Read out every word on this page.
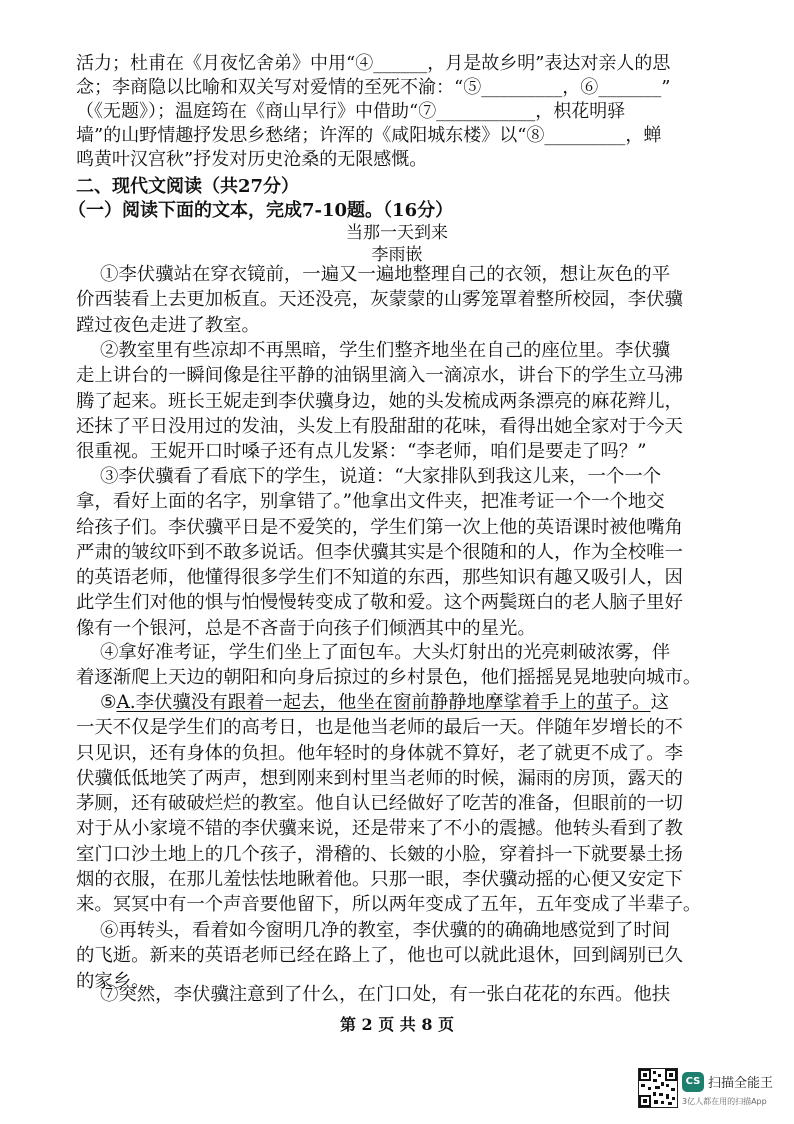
活力；杜甫在《月夜忆舍弟》中用“④______，月是故乡明”表达对亲人的思
念；李商隐以比喻和双关写对爱情的至死不渝：“⑤_________，⑥_______”
（《无题》）；温庭筠在《商山早行》中借助“⑦___________，枳花明驿
墙”的山野情趣抒发思乡愁绪；许浑的《咸阳城东楼》以“⑧_________，蝉
鸣黄叶汉宫秋”抒发对历史沧桑的无限感慨。
二、现代文阅读（共27分）
（一）阅读下面的文本，完成7-10题。（16分）
当那一天到来
李雨嵌
①李伏骥站在穿衣镜前，一遍又一遍地整理自己的衣领，想让灰色的平
价西装看上去更加板直。天还没亮，灰蒙蒙的山雾笼罩着整所校园，李伏骥
蹚过夜色走进了教室。
②教室里有些凉却不再黑暗，学生们整齐地坐在自己的座位里。李伏骥
走上讲台的一瞬间像是往平静的油锅里滴入一滴凉水，讲台下的学生立马沸
腾了起来。班长王妮走到李伏骥身边，她的头发梳成两条漂亮的麻花辫儿，
还抹了平日没用过的发油，头发上有股甜甜的花味，看得出她全家对于今天
很重视。王妮开口时嗓子还有点儿发紧：“李老师，咱们是要走了吗？”
③李伏骥看了看底下的学生，说道：“大家排队到我这儿来，一个一个
拿，看好上面的名字，别拿错了。”他拿出文件夹，把准考证一个一个地交
给孩子们。李伏骥平日是不爱笑的，学生们第一次上他的英语课时被他嘴角
严肃的皱纹吓到不敢多说话。但李伏骥其实是个很随和的人，作为全校唯一
的英语老师，他懂得很多学生们不知道的东西，那些知识有趣又吸引人，因
此学生们对他的惧与怕慢慢转变成了敬和爱。这个两鬓斑白的老人脑子里好
像有一个银河，总是不吝啬于向孩子们倾洒其中的星光。
④拿好准考证，学生们坐上了面包车。大头灯射出的光亮刺破浓雾，伴
着逐渐爬上天边的朝阳和向身后掠过的乡村景色，他们摇摇晃晃地驶向城市。
⑤A.李伏骥没有跟着一起去，他坐在窗前静静地摩挲着手上的茧子。这
一天不仅是学生们的高考日，也是他当老师的最后一天。伴随年岁增长的不
只见识，还有身体的负担。他年轻时的身体就不算好，老了就更不成了。李
伏骥低低地笑了两声，想到刚来到村里当老师的时候，漏雨的房顶，露天的
茅厕，还有破破烂烂的教室。他自认已经做好了吃苦的准备，但眼前的一切
对于从小家境不错的李伏骥来说，还是带来了不小的震撼。他转头看到了教
室门口沙土地上的几个孩子，滑稽的、长皴的小脸，穿着抖一下就要暴土扬
烟的衣服，在那儿羞怯怯地瞅着他。只那一眼，李伏骥动摇的心便又安定下
来。冥冥中有一个声音要他留下，所以两年变成了五年，五年变成了半辈子。
⑥再转头，看着如今窗明几净的教室，李伏骥的的确确地感觉到了时间
的飞逝。新来的英语老师已经在路上了，他也可以就此退休，回到阔别已久
的家乡。
⑦突然，李伏骥注意到了什么，在门口处，有一张白花花的东西。他扶
第 2 页 共 8 页
CS 扫描全能王
3亿人都在用的扫描App
